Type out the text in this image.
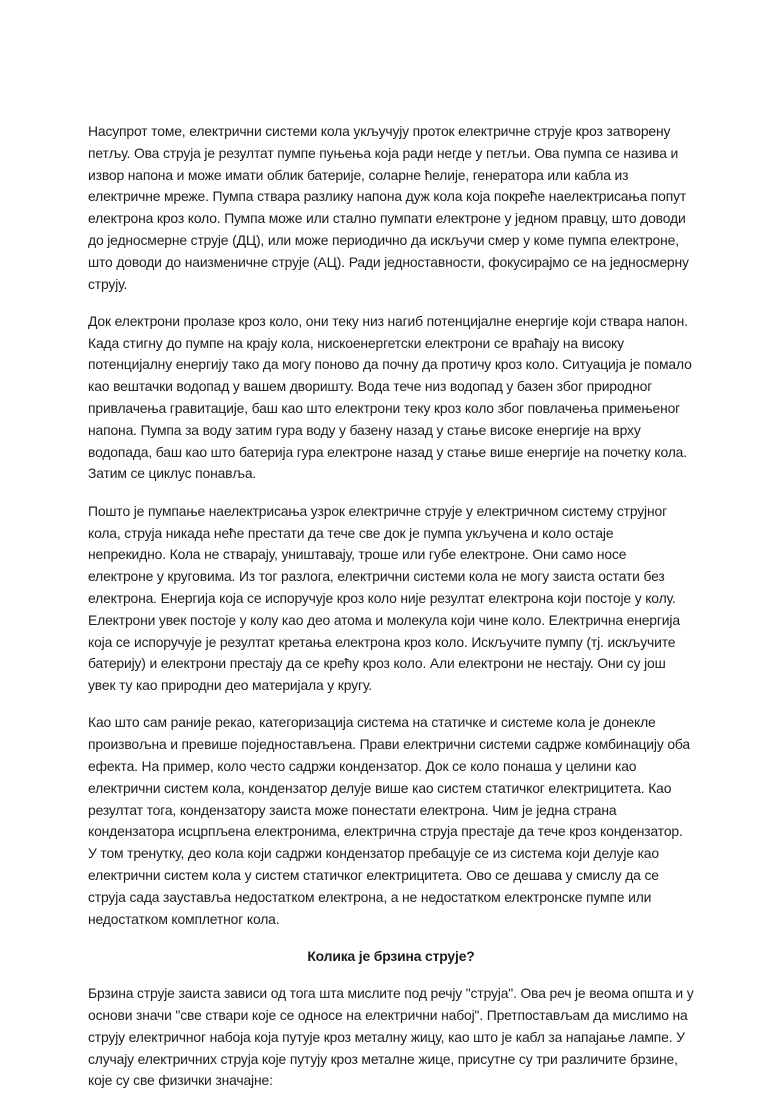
Насупрот томе, електрични системи кола укључују проток електричне струје кроз затворену петљу. Ова струја је резултат пумпе пуњења која ради негде у петљи. Ова пумпа се назива и извор напона и може имати облик батерије, соларне ћелије, генератора или кабла из електричне мреже. Пумпа ствара разлику напона дуж кола која покреће наелектрисања попут електрона кроз коло. Пумпа може или стално пумпати електроне у једном правцу, што доводи до једносмерне струје (ДЦ), или може периодично да искључи смер у коме пумпа електроне, што доводи до наизменичне струје (АЦ). Ради једноставности, фокусирајмо се на једносмерну струју.

Док електрони пролазе кроз коло, они теку низ нагиб потенцијалне енергије који ствара напон. Када стигну до пумпе на крају кола, нискоенергетски електрони се враћају на високу потенцијалну енергију тако да могу поново да почну да протичу кроз коло. Ситуација је помало као вештачки водопад у вашем дворишту. Вода тече низ водопад у базен због природног привлачења гравитације, баш као што електрони теку кроз коло због повлачења примењеног напона. Пумпа за воду затим гура воду у базену назад у стање високе енергије на врху водопада, баш као што батерија гура електроне назад у стање више енергије на почетку кола. Затим се циклус понавља.

Пошто је пумпање наелектрисања узрок електричне струје у електричном систему струјног кола, струја никада неће престати да тече све док је пумпа укључена и коло остаје непрекидно. Кола не стварају, уништавају, троше или губе електроне. Они само носе електроне у круговима. Из тог разлога, електрични системи кола не могу заиста остати без електрона. Енергија која се испоручује кроз коло није резултат електрона који постоје у колу. Електрони увек постоје у колу као део атома и молекула који чине коло. Електрична енергија која се испоручује је резултат кретања електрона кроз коло. Искључите пумпу (тј. искључите батерију) и електрони престају да се крећу кроз коло. Али електрони не нестају. Они су још увек ту као природни део материјала у кругу.

Као што сам раније рекао, категоризација система на статичке и системе кола је донекле произвољна и превише поједностављена. Прави електрични системи садрже комбинацију оба ефекта. На пример, коло често садржи кондензатор. Док се коло понаша у целини као електрични систем кола, кондензатор делује више као систем статичког електрицитета. Као резултат тога, кондензатору заиста може понестати електрона. Чим је једна страна кондензатора исцрпљена електронима, електрична струја престаје да тече кроз кондензатор. У том тренутку, део кола који садржи кондензатор пребацује се из система који делује као електрични систем кола у систем статичког електрицитета. Ово се дешава у смислу да се струја сада зауставља недостатком електрона, а не недостатком електронске пумпе или недостатком комплетног кола.

Колика је брзина струје?

Брзина струје заиста зависи од тога шта мислите под речју "струја". Ова реч је веома општа и у основи значи "све ствари које се односе на електрични набој". Претпостављам да мислимо на струју електричног набоја која путује кроз металну жицу, као што је кабл за напајање лампе. У случају електричних струја које путују кроз металне жице, присутне су три различите брзине, које су све физички значајне:
